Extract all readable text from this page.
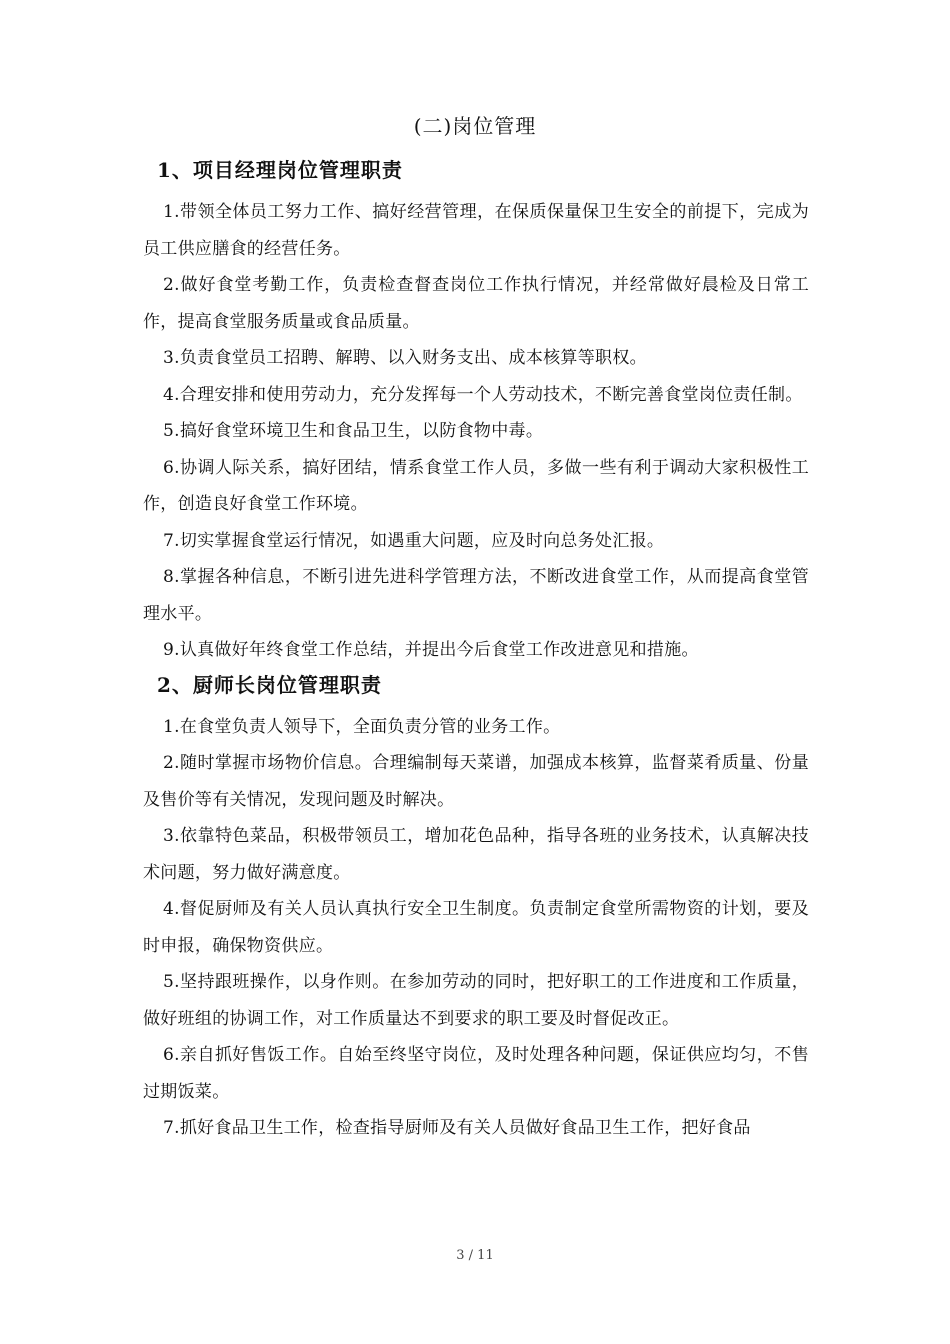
(二)岗位管理
1、项目经理岗位管理职责

1.带领全体员工努力工作、搞好经营管理，在保质保量保卫生安全的前提下，完成为员工供应膳食的经营任务。

2.做好食堂考勤工作，负责检查督查岗位工作执行情况，并经常做好晨检及日常工作，提高食堂服务质量或食品质量。

3.负责食堂员工招聘、解聘、以入财务支出、成本核算等职权。

4.合理安排和使用劳动力，充分发挥每一个人劳动技术，不断完善食堂岗位责任制。

5.搞好食堂环境卫生和食品卫生，以防食物中毒。

6.协调人际关系，搞好团结，情系食堂工作人员，多做一些有利于调动大家积极性工作，创造良好食堂工作环境。

7.切实掌握食堂运行情况，如遇重大问题，应及时向总务处汇报。

8.掌握各种信息，不断引进先进科学管理方法，不断改进食堂工作，从而提高食堂管理水平。

9.认真做好年终食堂工作总结，并提出今后食堂工作改进意见和措施。

2、厨师长岗位管理职责

1.在食堂负责人领导下，全面负责分管的业务工作。

2.随时掌握市场物价信息。合理编制每天菜谱，加强成本核算，监督菜肴质量、份量及售价等有关情况，发现问题及时解决。

3.依靠特色菜品，积极带领员工，增加花色品种，指导各班的业务技术，认真解决技术问题，努力做好满意度。

4.督促厨师及有关人员认真执行安全卫生制度。负责制定食堂所需物资的计划，要及时申报，确保物资供应。

5.坚持跟班操作，以身作则。在参加劳动的同时，把好职工的工作进度和工作质量，做好班组的协调工作，对工作质量达不到要求的职工要及时督促改正。

6.亲自抓好售饭工作。自始至终坚守岗位，及时处理各种问题，保证供应均匀，不售过期饭菜。

7.抓好食品卫生工作，检查指导厨师及有关人员做好食品卫生工作，把好食品

3 / 11
